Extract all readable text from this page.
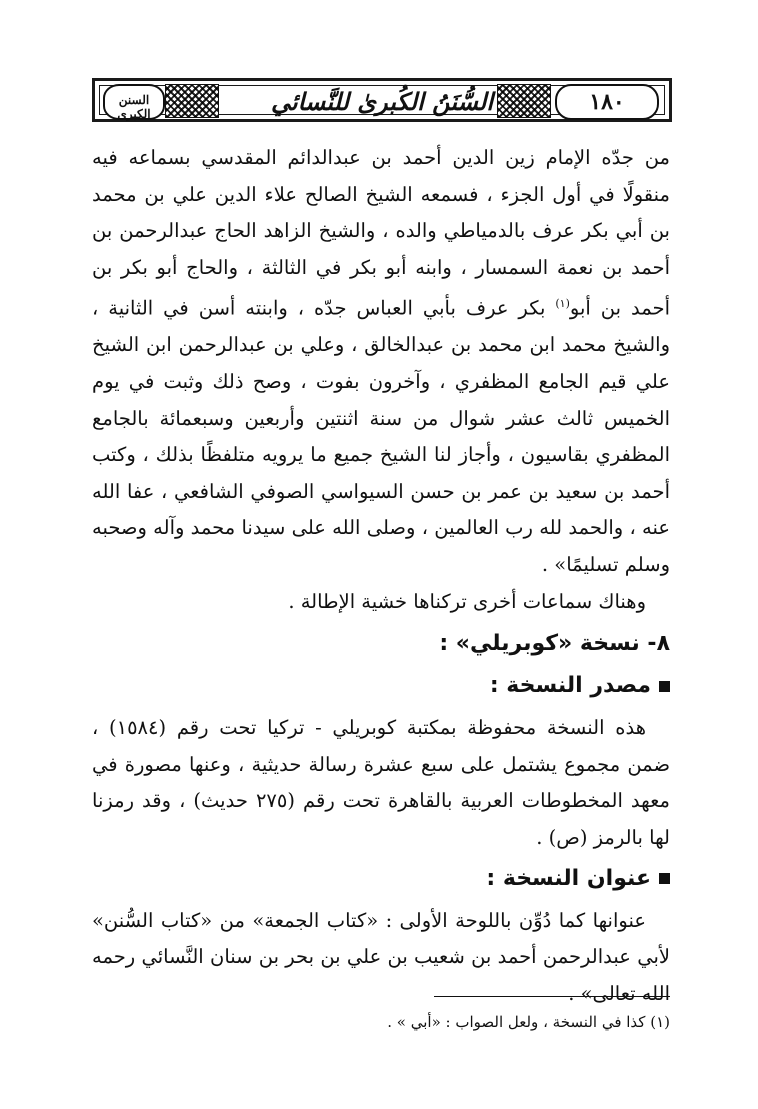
السنن الكبرى	السُّنَنُ الكُبرىٰ للنَّسائي	١٨٠

من جدّه الإمام زين الدين أحمد بن عبدالدائم المقدسي بسماعه فيه منقولًا في أول الجزء ، فسمعه الشيخ الصالح علاء الدين علي بن محمد بن أبي بكر عرف بالدمياطي والده ، والشيخ الزاهد الحاج عبدالرحمن بن أحمد بن نعمة السمسار ، وابنه أبو بكر في الثالثة ، والحاج أبو بكر بن أحمد بن أبو$^{(١)}$ بكر عرف بأبي العباس جدّه ، وابنته أسن في الثانية ، والشيخ محمد ابن محمد بن عبدالخالق ، وعلي بن عبدالرحمن ابن الشيخ علي قيم الجامع المظفري ، وآخرون بفوت ، وصح ذلك وثبت في يوم الخميس ثالث عشر شوال من سنة اثنتين وأربعين وسبعمائة بالجامع المظفري بقاسيون ، وأجاز لنا الشيخ جميع ما يرويه متلفظًا بذلك ، وكتب أحمد بن سعيد بن عمر بن حسن السيواسي الصوفي الشافعي ، عفا الله عنه ، والحمد لله رب العالمين ، وصلى الله على سيدنا محمد وآله وصحبه وسلم تسليمًا» .

وهناك سماعات أخرى تركناها خشية الإطالة .

٨- نسخة «كوبريلي» :
مصدر النسخة :

هذه النسخة محفوظة بمكتبة كوبريلي - تركيا تحت رقم (١٥٨٤) ، ضمن مجموع يشتمل على سبع عشرة رسالة حديثية ، وعنها مصورة في معهد المخطوطات العربية بالقاهرة تحت رقم (٢٧٥ حديث) ، وقد رمزنا لها بالرمز (ص) .

عنوان النسخة :

عنوانها كما دُوِّن باللوحة الأولى : «كتاب الجمعة» من «كتاب السُّنن» لأبي عبدالرحمن أحمد بن شعيب بن علي بن بحر بن سنان النَّسائي رحمه الله تعالى» .

(١) كذا في النسخة ، ولعل الصواب : «أبي » .
